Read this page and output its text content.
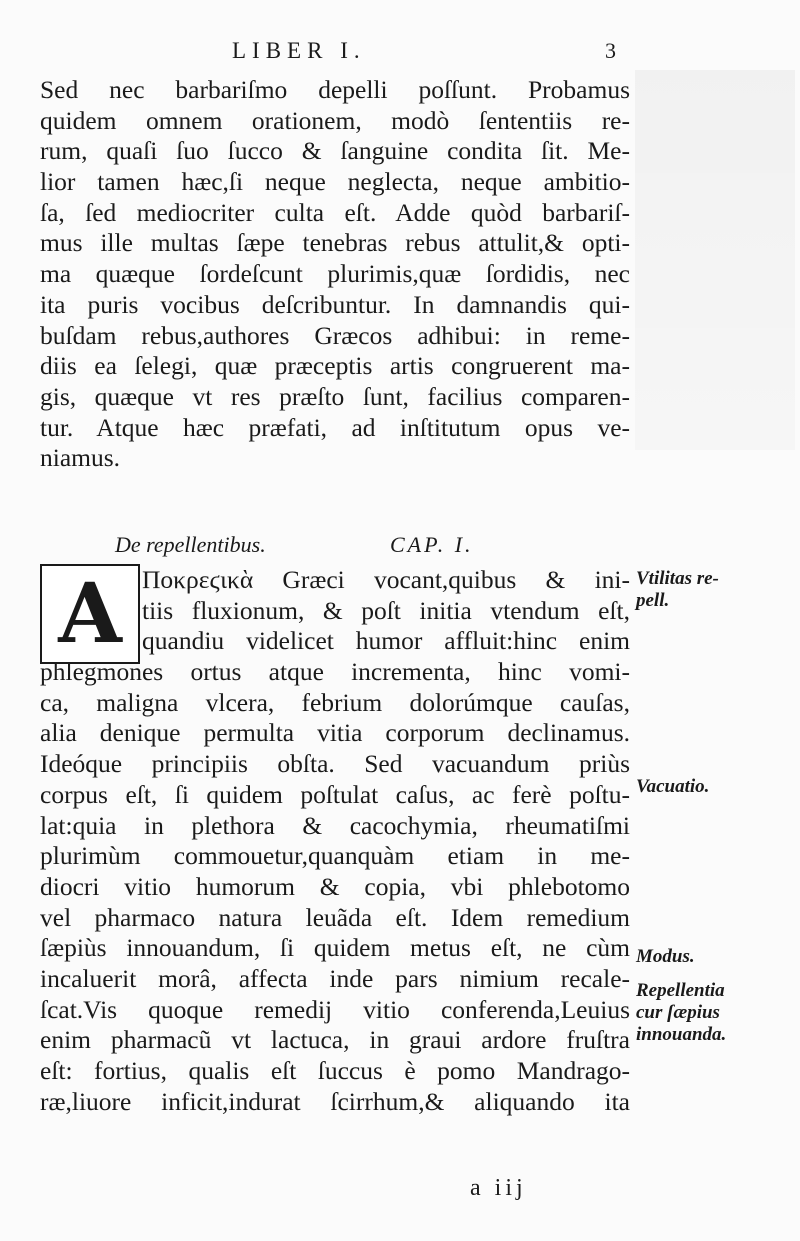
LIBER I.	3
Sed nec barbariſmo depelli poſſunt. Probamus
quidem omnem orationem, modò ſententiis re-
rum, quaſi ſuo ſucco & ſanguine condita ſit. Me-
lior tamen hæc,ſi neque neglecta, neque ambitio-
ſa, ſed mediocriter culta eſt. Adde quòd barbariſ-
mus ille multas ſæpe tenebras rebus attulit,& opti-
ma quæque ſordeſcunt plurimis,quæ ſordidis, nec
ita puris vocibus deſcribuntur. In damnandis qui-
buſdam rebus,authores Græcos adhibui: in reme-
diis ea ſelegi, quæ præceptis artis congruerent ma-
gis, quæque vt res præſto ſunt, facilius comparen-
tur. Atque hæc præfati, ad inſtitutum opus ve-
niamus.
De repellentibus.	CAP. I.
A Ποκρεϛικὰ Græci vocant,quibus & ini-
tiis fluxionum, & poſt initia vtendum eſt,
quandiu videlicet humor affluit:hinc enim
phlegmones ortus atque incrementa, hinc vomi-
ca, maligna vlcera, febrium dolorúmque cauſas,
alia denique permulta vitia corporum declinamus.
Ideóque principiis obſta. Sed vacuandum priùs
corpus eſt, ſi quidem poſtulat caſus, ac ferè poſtu-
lat:quia in plethora & cacochymia, rheumatiſmi
plurimùm commouetur,quanquàm etiam in me-
diocri vitio humorum & copia, vbi phlebotomo
vel pharmaco natura leuãda eſt. Idem remedium
ſæpiùs innouandum, ſi quidem metus eſt, ne cùm
incaluerit morâ, affecta inde pars nimium recale-
ſcat.Vis quoque remedij vitio conferenda,Leuius
enim pharmacũ vt lactuca, in graui ardore fruſtra
eſt: fortius, qualis eſt ſuccus è pomo Mandrago-
ræ,liuore inficit,indurat ſcirrhum,& aliquando ita
Vtilitas re-
pell.
Vacuatio.
Modus.
Repellentia
cur ſæpius
innouanda.
a iij
